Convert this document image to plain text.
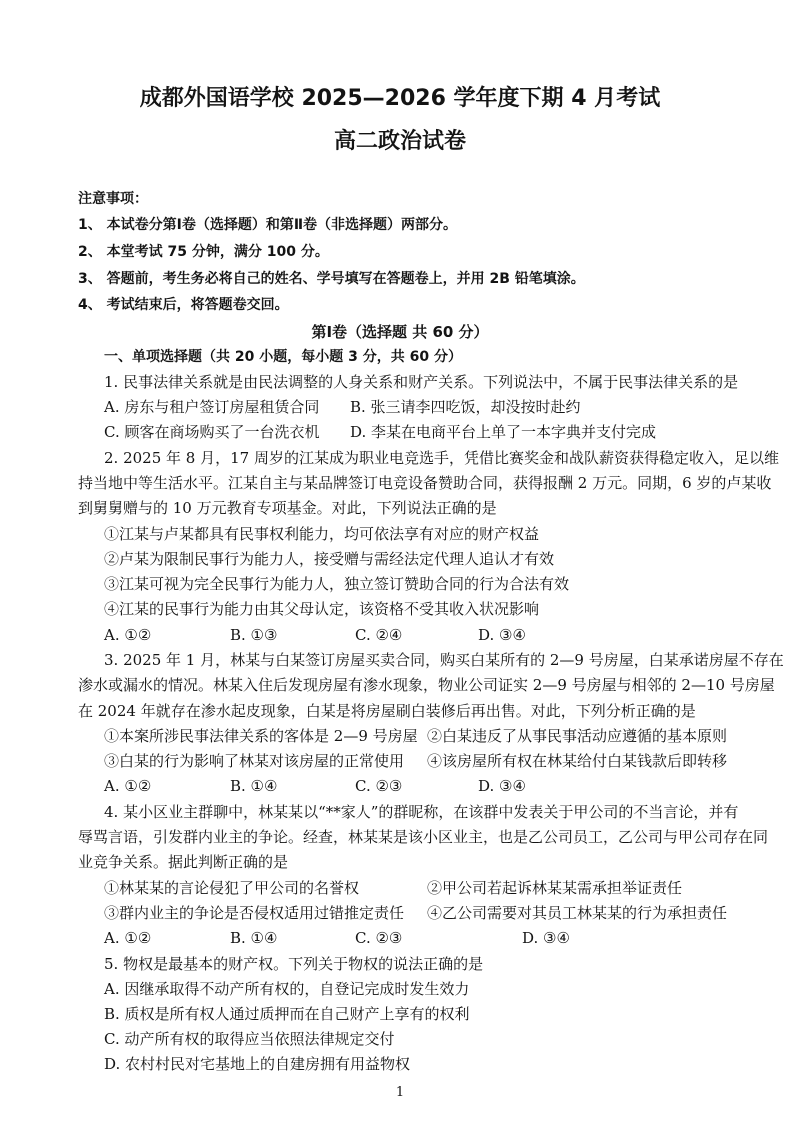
成都外国语学校 2025—2026 学年度下期 4 月考试
高二政治试卷
注意事项：
1、 本试卷分第Ⅰ卷（选择题）和第Ⅱ卷（非选择题）两部分。
2、 本堂考试 75 分钟，满分 100 分。
3、 答题前，考生务必将自己的姓名、学号填写在答题卷上，并用 2B 铅笔填涂。
4、 考试结束后，将答题卷交回。
第Ⅰ卷（选择题 共 60 分）
一、单项选择题（共 20 小题，每小题 3 分，共 60 分）
1. 民事法律关系就是由民法调整的人身关系和财产关系。下列说法中，不属于民事法律关系的是
A. 房东与租户签订房屋租赁合同 B. 张三请李四吃饭，却没按时赴约
C. 顾客在商场购买了一台洗衣机 D. 李某在电商平台上单了一本字典并支付完成
2. 2025 年 8 月，17 周岁的江某成为职业电竞选手，凭借比赛奖金和战队薪资获得稳定收入，足以维
持当地中等生活水平。江某自主与某品牌签订电竞设备赞助合同，获得报酬 2 万元。同期，6 岁的卢某收
到舅舅赠与的 10 万元教育专项基金。对此，下列说法正确的是
①江某与卢某都具有民事权利能力，均可依法享有对应的财产权益
②卢某为限制民事行为能力人，接受赠与需经法定代理人追认才有效
③江某可视为完全民事行为能力人，独立签订赞助合同的行为合法有效
④江某的民事行为能力由其父母认定，该资格不受其收入状况影响
A. ①②	B. ①③	C. ②④	D. ③④
3. 2025 年 1 月，林某与白某签订房屋买卖合同，购买白某所有的 2—9 号房屋，白某承诺房屋不存在
渗水或漏水的情况。林某入住后发现房屋有渗水现象，物业公司证实 2—9 号房屋与相邻的 2—10 号房屋
在 2024 年就存在渗水起皮现象，白某是将房屋刷白装修后再出售。对此，下列分析正确的是
①本案所涉民事法律关系的客体是 2—9 号房屋 ②白某违反了从事民事活动应遵循的基本原则
③白某的行为影响了林某对该房屋的正常使用 ④该房屋所有权在林某给付白某钱款后即转移
A. ①②	B. ①④	C. ②③	D. ③④
4. 某小区业主群聊中，林某某以“**家人”的群昵称，在该群中发表关于甲公司的不当言论，并有
辱骂言语，引发群内业主的争论。经查，林某某是该小区业主，也是乙公司员工，乙公司与甲公司存在同
业竞争关系。据此判断正确的是
①林某某的言论侵犯了甲公司的名誉权	②甲公司若起诉林某某需承担举证责任
③群内业主的争论是否侵权适用过错推定责任 ④乙公司需要对其员工林某某的行为承担责任
A. ①②	B. ①④	C. ②③	D. ③④
5. 物权是最基本的财产权。下列关于物权的说法正确的是
A. 因继承取得不动产所有权的，自登记完成时发生效力
B. 质权是所有权人通过质押而在自己财产上享有的权利
C. 动产所有权的取得应当依照法律规定交付
D. 农村村民对宅基地上的自建房拥有用益物权
1
